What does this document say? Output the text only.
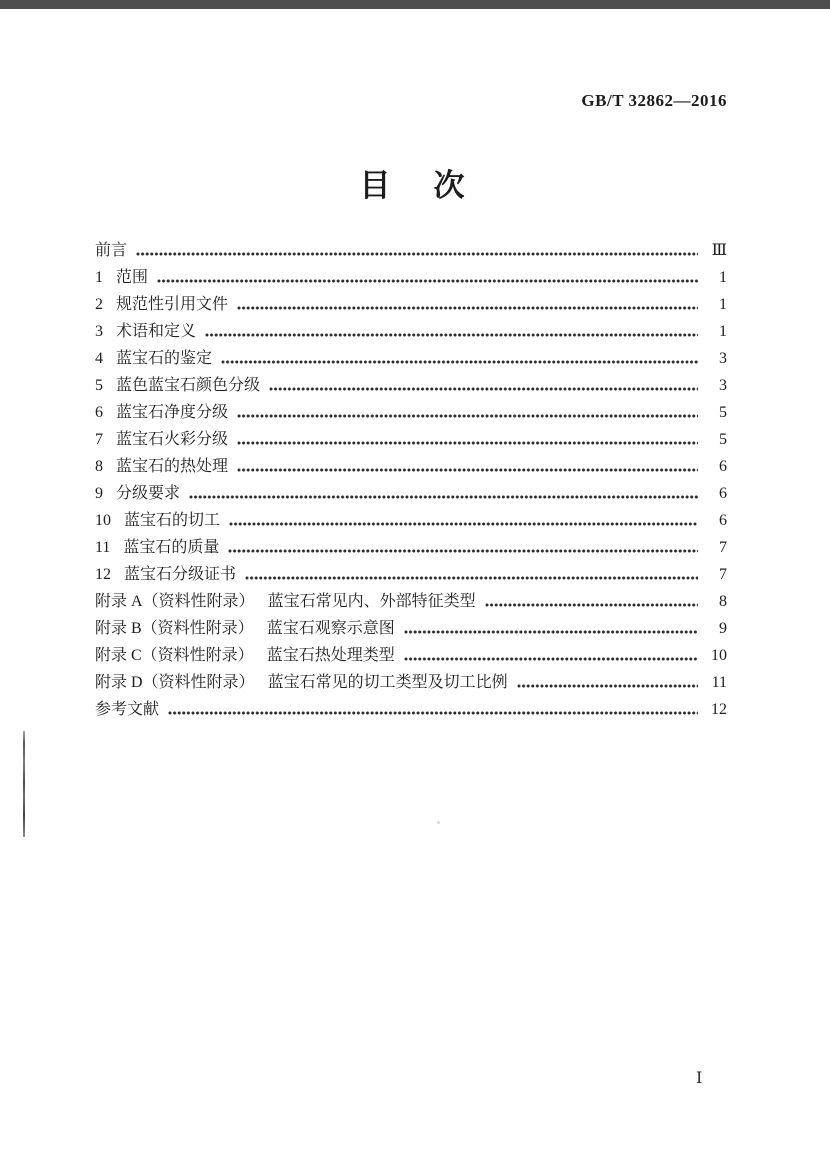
GB/T 32862—2016
目　次
前言	Ⅲ
1 范围	1
2 规范性引用文件	1
3 术语和定义	1
4 蓝宝石的鉴定	3
5 蓝色蓝宝石颜色分级	3
6 蓝宝石净度分级	5
7 蓝宝石火彩分级	5
8 蓝宝石的热处理	6
9 分级要求	6
10 蓝宝石的切工	6
11 蓝宝石的质量	7
12 蓝宝石分级证书	7
附录 A（资料性附录） 蓝宝石常见内、外部特征类型	8
附录 B（资料性附录） 蓝宝石观察示意图	9
附录 C（资料性附录） 蓝宝石热处理类型	10
附录 D（资料性附录） 蓝宝石常见的切工类型及切工比例	11
参考文献	12
Ⅰ
